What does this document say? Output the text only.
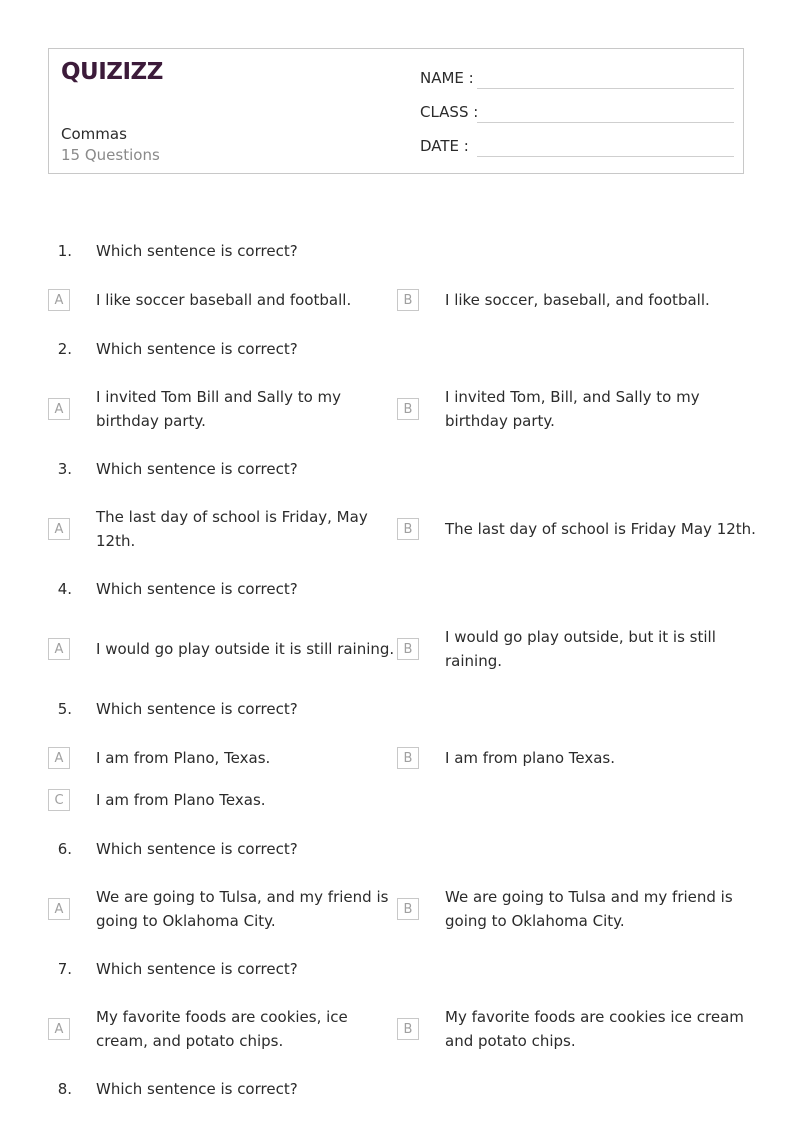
QUIZIZZ
Commas
15 Questions
NAME :
CLASS :
DATE :
1. Which sentence is correct?
A	I like soccer baseball and football.	B	I like soccer, baseball, and football.
2. Which sentence is correct?
A
I invited Tom Bill and Sally to my birthday party.
B
I invited Tom, Bill, and Sally to my birthday party.
3. Which sentence is correct?
A
The last day of school is Friday, May 12th.
B	The last day of school is Friday May 12th.
4. Which sentence is correct?
A	I would go play outside it is still raining. B
I would go play outside, but it is still raining.
5. Which sentence is correct?
A	I am from Plano, Texas.	B	I am from plano Texas.
C	I am from Plano Texas.
6. Which sentence is correct?
A
We are going to Tulsa, and my friend is going to Oklahoma City.
B
We are going to Tulsa and my friend is going to Oklahoma City.
7. Which sentence is correct?
A
My favorite foods are cookies, ice cream, and potato chips.
B
My favorite foods are cookies ice cream and potato chips.
8. Which sentence is correct?
